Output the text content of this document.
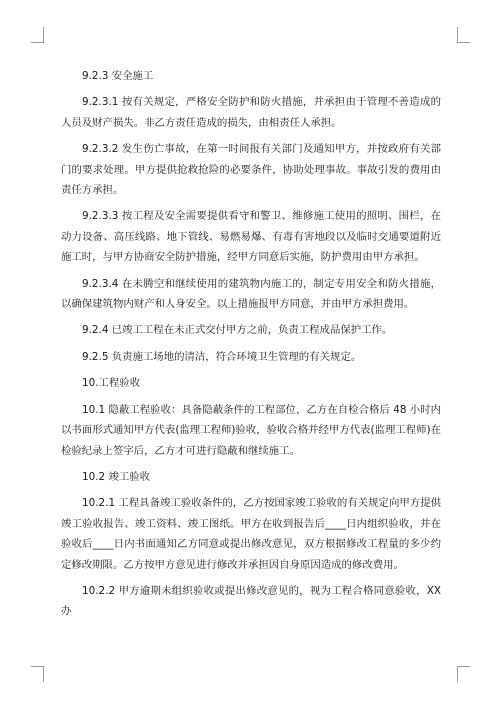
9.2.3 安全施工

9.2.3.1 按有关规定，严格安全防护和防火措施，并承担由于管理不善造成的人员及财产损失。非乙方责任造成的损失，由相责任人承担。

9.2.3.2 发生伤亡事故，在第一时间报有关部门及通知甲方，并按政府有关部门的要求处理。甲方提供抢救抢险的必要条件，协助处理事故。事故引发的费用由责任方承担。

9.2.3.3 按工程及安全需要提供看守和警卫、维修施工使用的照明、围栏，在动力设备、高压线路、地下管线、易燃易爆、有毒有害地段以及临时交通要道附近施工时，与甲方协商安全防护措施，经甲方同意后实施，防护费用由甲方承担。

9.2.3.4 在未腾空和继续使用的建筑物内施工的，制定专用安全和防火措施，以确保建筑物内财产和人身安全。以上措施报甲方同意，并由甲方承担费用。

9.2.4 已竣工工程在未正式交付甲方之前，负责工程成品保护工作。

9.2.5 负责施工场地的清洁，符合环境卫生管理的有关规定。

10.工程验收

10.1 隐蔽工程验收：具备隐蔽条件的工程部位，乙方在自检合格后 48 小时内以书面形式通知甲方代表(监理工程师)验收，验收合格并经甲方代表(监理工程师)在检验纪录上签字后，乙方才可进行隐蔽和继续施工。

10.2 竣工验收

10.2.1 工程具备竣工验收条件的，乙方按国家竣工验收的有关规定向甲方提供竣工验收报告、竣工资料、竣工图纸。甲方在收到报告后____日内组织验收，并在验收后____日内书面通知乙方同意或提出修改意见，双方根据修改工程量的多少约定修改期限。乙方按甲方意见进行修改并承担因自身原因造成的修改费用。

10.2.2 甲方逾期未组织验收或提出修改意见的，视为工程合格同意验收，XX 办
